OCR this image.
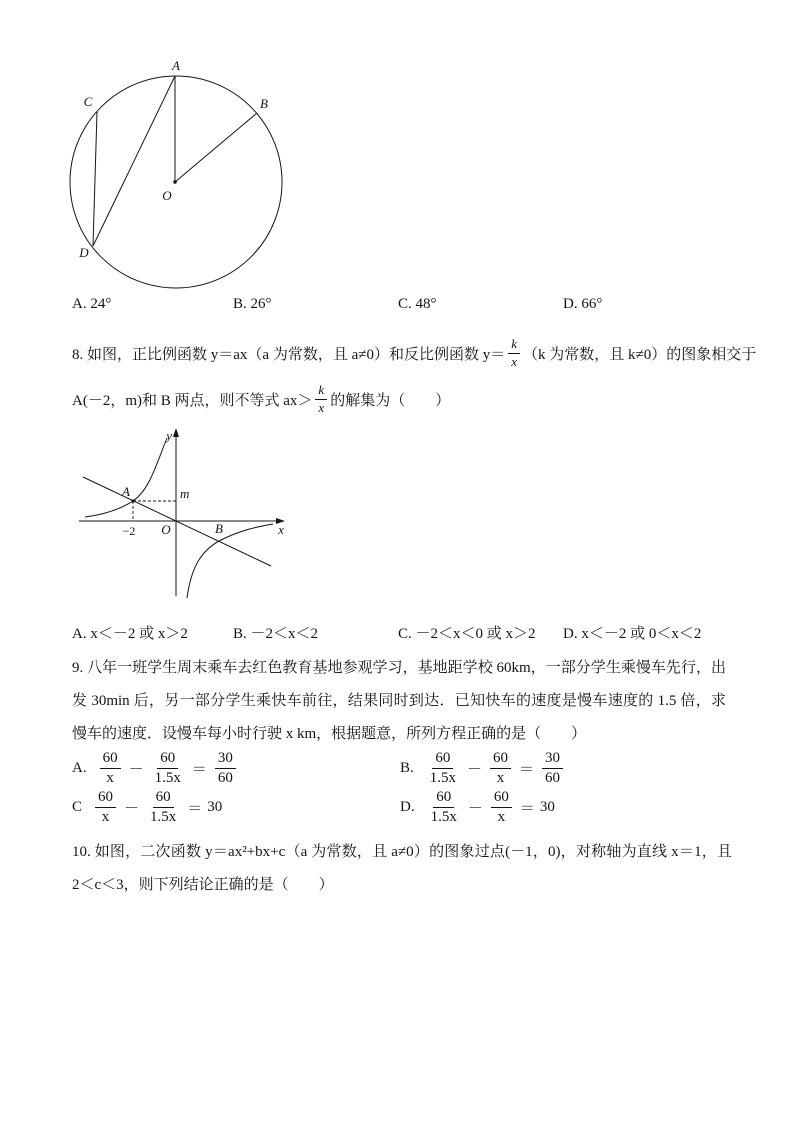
A
B
C
D
O
A. 24°	B. 26°	C. 48°	D. 66°
8. 如图，正比例函数 y＝ax（a 为常数，且 a≠0）和反比例函数 $y= \frac{k}{x} (k$ 为常数，且 k≠0）的图象相交于
A(－2，m)和 B 两点，则不等式 $ax> \frac{k}{x}$ 的解集为（　　）
y
x
O
A	m
−2	B
A. x＜－2 或 x＞2	B. －2＜x＜2	C. －2＜x＜0 或 x＞2 D. x＜－2 或 0＜x＜2
9. 八年一班学生周末乘车去红色教育基地参观学习，基地距学校 60km，一部分学生乘慢车先行，出发 30min 后，另一部分学生乘快车前往，结果同时到达．已知快车的速度是慢车速度的 1.5 倍，求慢车的速度．设慢车每小时行驶 x km，根据题意，所列方程正确的是（　　）
A. $\frac{60}{x} - \frac{60}{1.5x} = \frac{30}{60}$	B. $\frac{60}{1.5x} - \frac{60}{x} = \frac{30}{60}$
C $\frac{60}{x} - \frac{60}{1.5x} = 30$	D. $\frac{60}{1.5x} - \frac{60}{x} = 30$
10. 如图，二次函数 y＝ax²+bx+c（a 为常数，且 a≠0）的图象过点(－1，0)，对称轴为直线 x＝1，且 2＜c＜3，则下列结论正确的是（　　）
